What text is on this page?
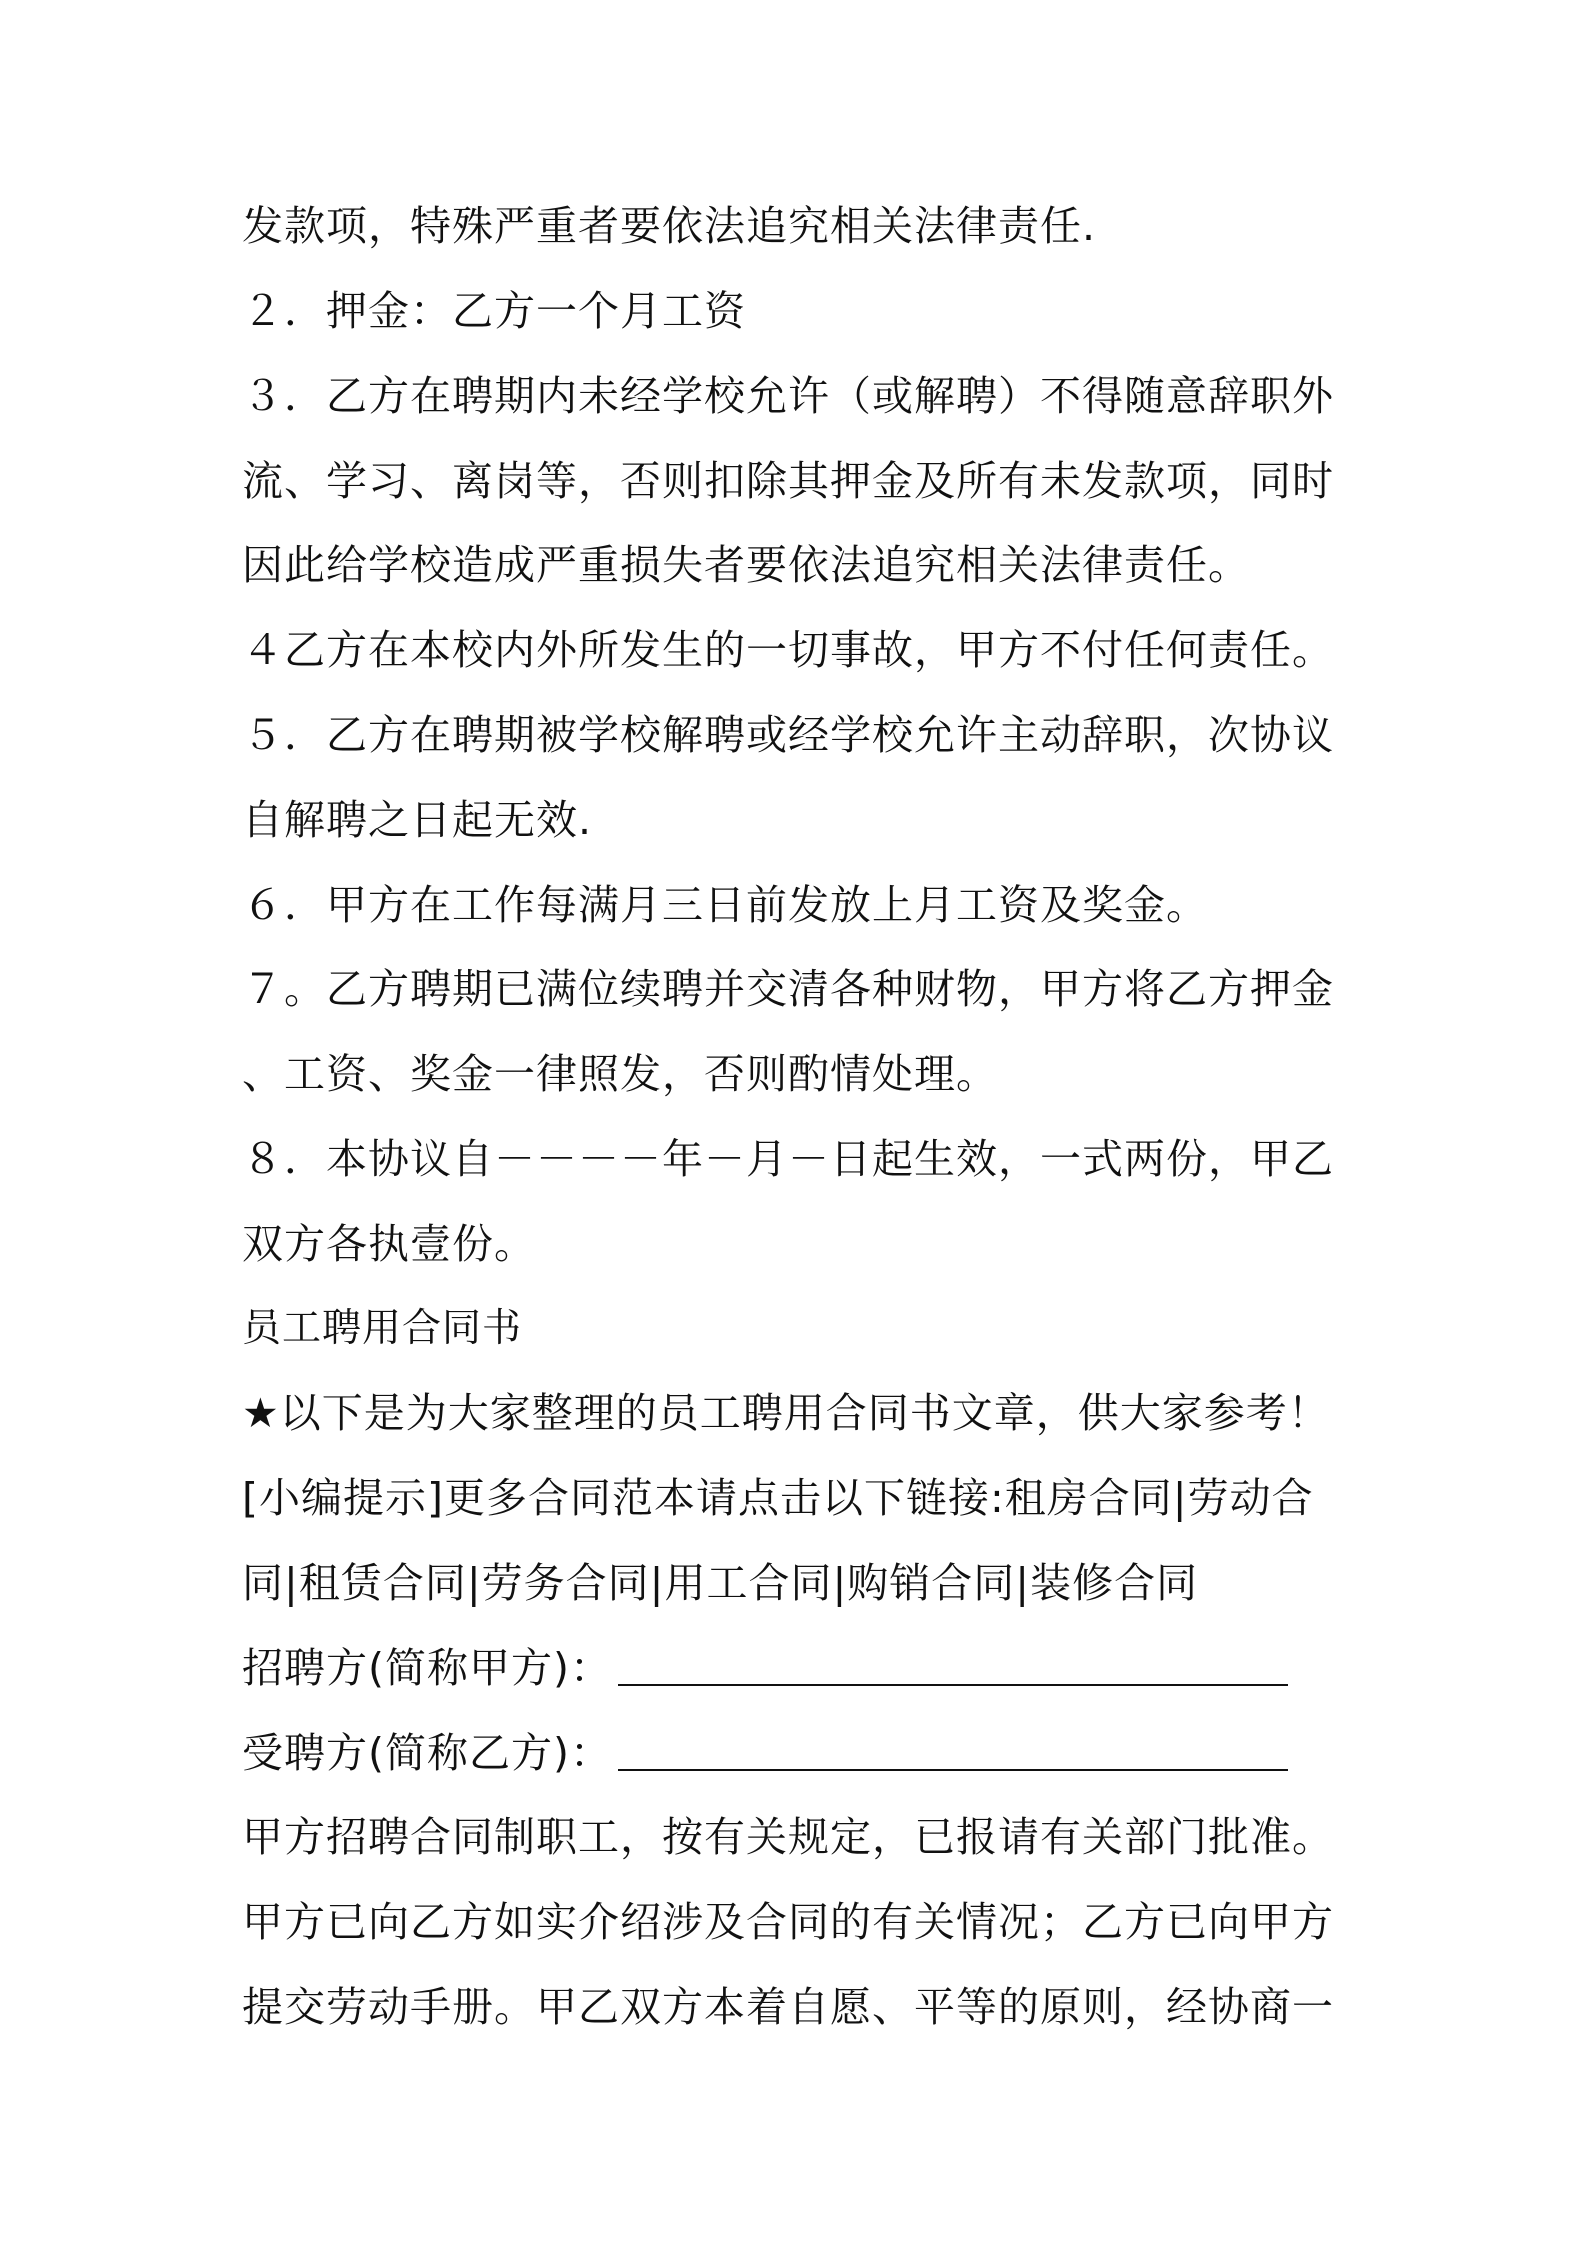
发款项，特殊严重者要依法追究相关法律责任.
２．押金：乙方一个月工资
３．乙方在聘期内未经学校允许（或解聘）不得随意辞职外
流、学习、离岗等，否则扣除其押金及所有未发款项，同时
因此给学校造成严重损失者要依法追究相关法律责任。
４乙方在本校内外所发生的一切事故，甲方不付任何责任。
５．乙方在聘期被学校解聘或经学校允许主动辞职，次协议
自解聘之日起无效.
６．甲方在工作每满月三日前发放上月工资及奖金。
７。乙方聘期已满位续聘并交清各种财物，甲方将乙方押金
、工资、奖金一律照发，否则酌情处理。
８．本协议自－－－－年－月－日起生效，一式两份，甲乙
双方各执壹份。
员工聘用合同书
★以下是为大家整理的员工聘用合同书文章，供大家参考！
[小编提示]更多合同范本请点击以下链接:租房合同|劳动合
同|租赁合同|劳务合同|用工合同|购销合同|装修合同
招聘方(简称甲方)：
受聘方(简称乙方)：
甲方招聘合同制职工，按有关规定，已报请有关部门批准。
甲方已向乙方如实介绍涉及合同的有关情况；乙方已向甲方
提交劳动手册。甲乙双方本着自愿、平等的原则，经协商一
